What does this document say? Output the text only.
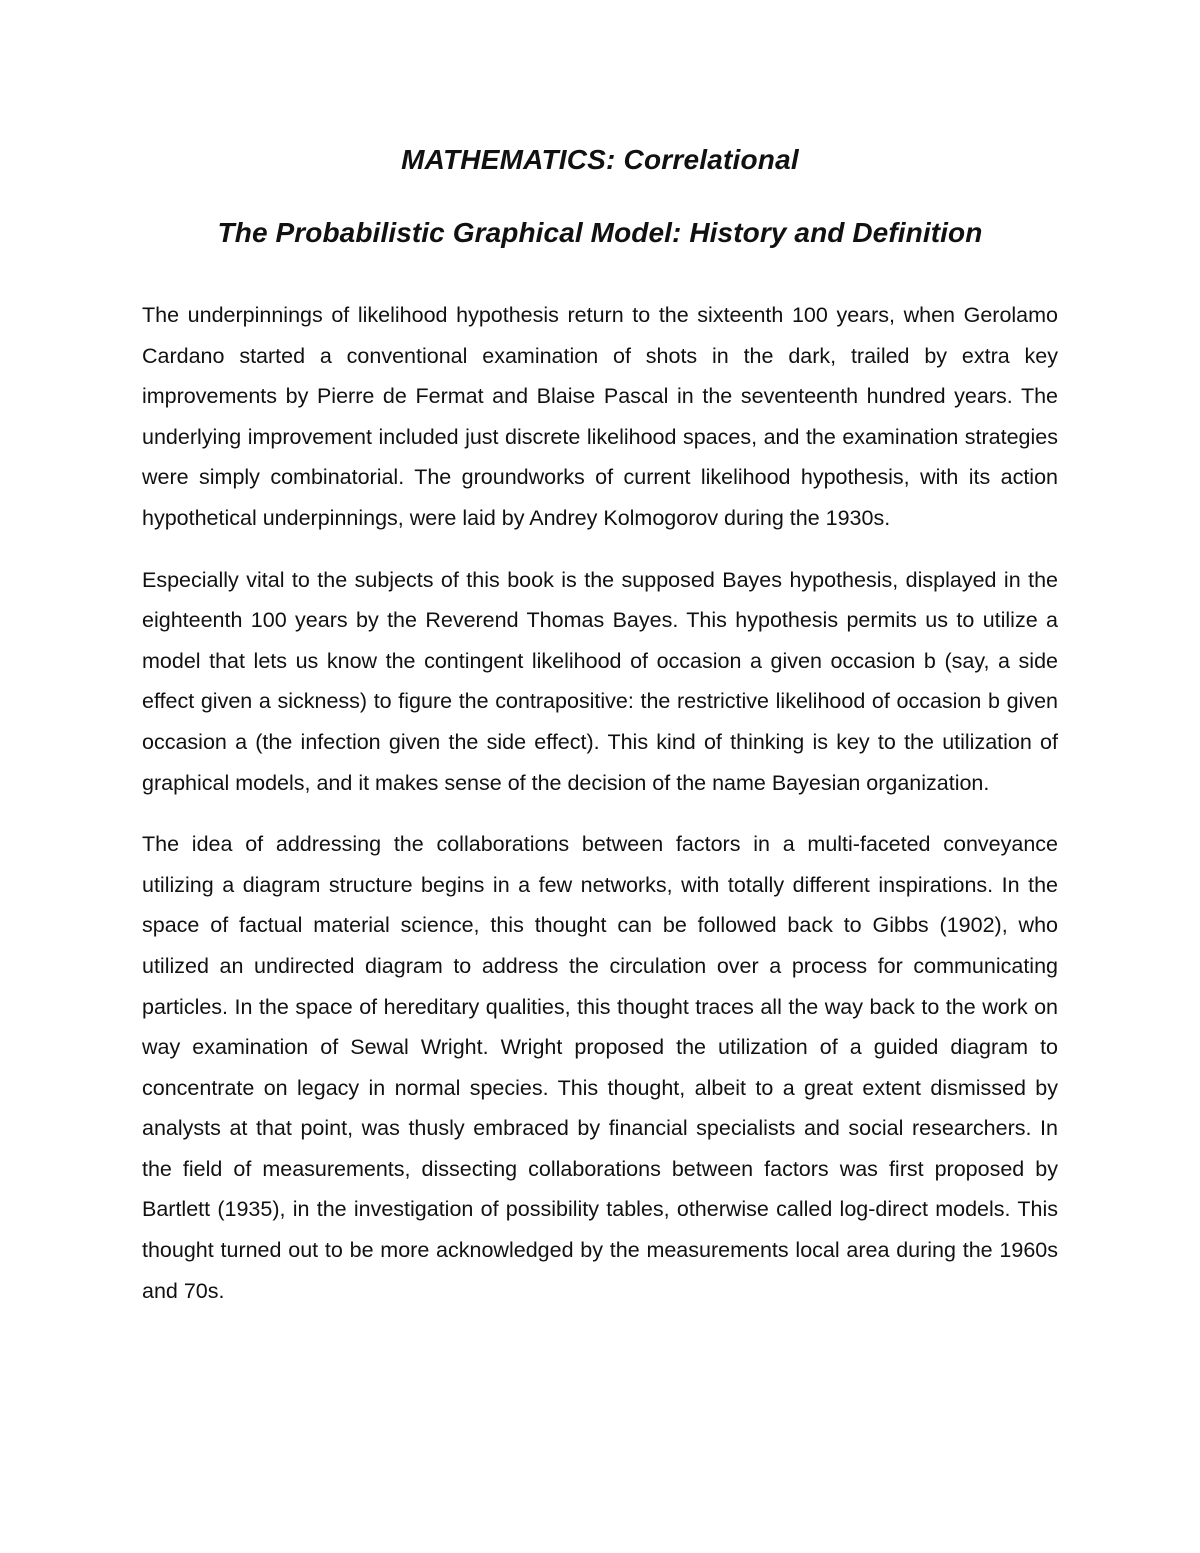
MATHEMATICS: Correlational
The Probabilistic Graphical Model: History and Definition

The underpinnings of likelihood hypothesis return to the sixteenth 100 years, when Gerolamo Cardano started a conventional examination of shots in the dark, trailed by extra key improvements by Pierre de Fermat and Blaise Pascal in the seventeenth hundred years. The underlying improvement included just discrete likelihood spaces, and the examination strategies were simply combinatorial. The groundworks of current likelihood hypothesis, with its action hypothetical underpinnings, were laid by Andrey Kolmogorov during the 1930s.

Especially vital to the subjects of this book is the supposed Bayes hypothesis, displayed in the eighteenth 100 years by the Reverend Thomas Bayes. This hypothesis permits us to utilize a model that lets us know the contingent likelihood of occasion a given occasion b (say, a side effect given a sickness) to figure the contrapositive: the restrictive likelihood of occasion b given occasion a (the infection given the side effect). This kind of thinking is key to the utilization of graphical models, and it makes sense of the decision of the name Bayesian organization.

The idea of addressing the collaborations between factors in a multi-faceted conveyance utilizing a diagram structure begins in a few networks, with totally different inspirations. In the space of factual material science, this thought can be followed back to Gibbs (1902), who utilized an undirected diagram to address the circulation over a process for communicating particles. In the space of hereditary qualities, this thought traces all the way back to the work on way examination of Sewal Wright. Wright proposed the utilization of a guided diagram to concentrate on legacy in normal species. This thought, albeit to a great extent dismissed by analysts at that point, was thusly embraced by financial specialists and social researchers. In the field of measurements, dissecting collaborations between factors was first proposed by Bartlett (1935), in the investigation of possibility tables, otherwise called log-direct models. This thought turned out to be more acknowledged by the measurements local area during the 1960s and 70s.
